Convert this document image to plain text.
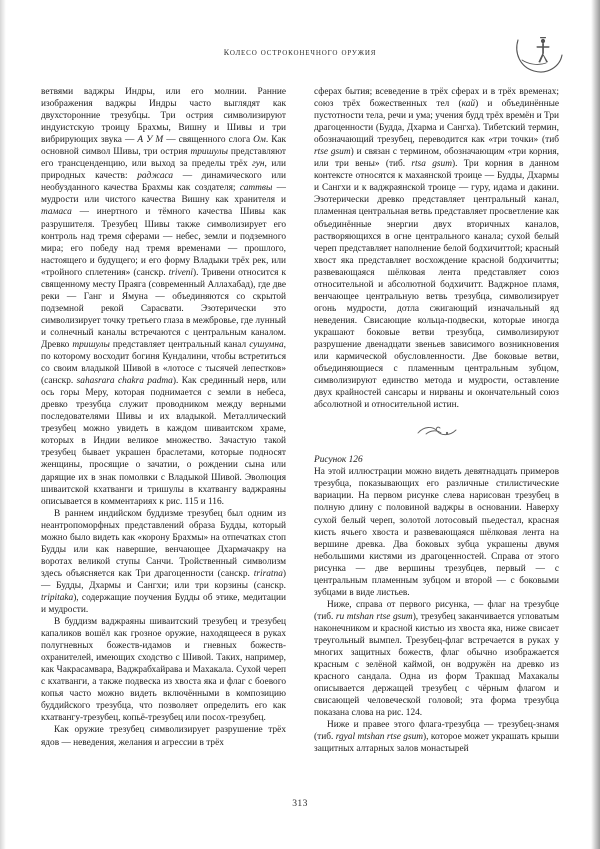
колесо остроконечного оружия

ветвями ваджры Индры, или его молнии. Ранние изображения ваджры Индры часто выглядят как двухсторонние трезубцы. Три острия символизируют индуистскую троицу Брахмы, Вишну и Шивы и три вибрирующих звука — А У М — священного слога Ом. Как основной символ Шивы, три острия тришулы представляют его трансценденцию, или выход за пределы трёх гун, или природных качеств: раджаса — динамического или необузданного качества Брахмы как создателя; саттвы — мудрости или чистого качества Вишну как хранителя и тамаса — инертного и тёмного качества Шивы как разрушителя. Трезубец Шивы также символизирует его контроль над тремя сферами — небес, земли и подземного мира; его победу над тремя временами — прошлого, настоящего и будущего; и его форму Владыки трёх рек, или «тройного сплетения» (санскр. triveni). Тривени относится к священному месту Праяга (современный Аллахабад), где две реки — Ганг и Ямуна — объединяются со скрытой подземной рекой Сарасвати. Эзотерически это символизирует точку третьего глаза в межбровье, где лунный и солнечный каналы встречаются с центральным каналом. Древко тришулы представляет центральный канал сушумна, по которому восходит богиня Кундалини, чтобы встретиться со своим владыкой Шивой в «лотосе с тысячей лепестков» (санскр. sahasrara chakra padma). Как срединный нерв, или ось горы Меру, которая поднимается с земли в небеса, древко трезубца служит проводником между верными последователями Шивы и их владыкой. Металлический трезубец можно увидеть в каждом шиваитском храме, которых в Индии великое множество. Зачастую такой трезубец бывает украшен браслетами, которые подносят женщины, просящие о зачатии, о рождении сына или дарящие их в знак помолвки с Владыкой Шивой. Эволюция шиваитской кхатванги и тришулы в кхатвангу ваджраяны описывается в комментариях к рис. 115 и 116.

В раннем индийском буддизме трезубец был одним из неантропоморфных представлений образа Будды, который можно было видеть как «корону Брахмы» на отпечатках стоп Будды или как навершие, венчающее Дхармачакру на воротах великой ступы Санчи. Тройственный символизм здесь объясняется как Три драгоценности (санскр. triratna) — Будды, Дхармы и Сангхи; или три корзины (санскр. tripitaka), содержащие поучения Будды об этике, медитации и мудрости.

В буддизм ваджраяны шиваитский трезубец и трезубец капаликов вошёл как грозное оружие, находящееся в руках полугневных божеств-идамов и гневных божеств-охранителей, имеющих сходство с Шивой. Таких, например, как Чакрасамвара, Ваджрабхайрава и Махакала. Сухой череп с кхатванги, а также подвеска из хвоста яка и флаг с боевого копья часто можно видеть включёнными в композицию буддийского трезубца, что позволяет определить его как кхатвангу-трезубец, копьё-трезубец или посох-трезубец.

Как оружие трезубец символизирует разрушение трёх ядов — неведения, желания и агрессии в трёх

сферах бытия; всеведение в трёх сферах и в трёх временах; союз трёх божественных тел (кай) и объединённые пустотности тела, речи и ума; учения будд трёх времён и Три драгоценности (Будда, Дхарма и Сангха). Тибетский термин, обозначающий трезубец, переводится как «три точки» (тиб rtse gsum) и связан с термином, обозначающим «три корния, или три вены» (тиб. rtsa gsum). Три корния в данном контексте относятся к махаянской троице — Будды, Дхармы и Сангхи и к ваджраянской троице — гуру, идама и дакини. Эзотерически древко представляет центральный канал, пламенная центральная ветвь представляет просветление как объединённые энергии двух вторичных каналов, растворяющихся в огне центрального канала; сухой белый череп представляет наполнение белой бодхичиттой; красный хвост яка представляет восхождение красной бодхичитты; развевающаяся шёлковая лента представляет союз относительной и абсолютной бодхичитт. Ваджрное пламя, венчающее центральную ветвь трезубца, символизирует огонь мудрости, дотла сжигающий изначальный яд неведения. Свисающие кольца-подвески, которые иногда украшают боковые ветви трезубца, символизируют разрушение двенадцати звеньев зависимого возникновения или кармической обусловленности. Две боковые ветви, объединяющиеся с пламенным центральным зубцом, символизируют единство метода и мудрости, оставление двух крайностей сансары и нирваны и окончательный союз абсолютной и относительной истин.

Рисунок 126

На этой иллюстрации можно видеть девятнадцать примеров трезубца, показывающих его различные стилистические вариации. На первом рисунке слева нарисован трезубец в полную длину с половиной ваджры в основании. Наверху сухой белый череп, золотой лотосовый пьедестал, красная кисть ячьего хвоста и развевающаяся шёлковая лента на вершине древка. Два боковых зубца украшены двумя небольшими кистями из драгоценностей. Справа от этого рисунка — две вершины трезубцев, первый — с центральным пламенным зубцом и второй — с боковыми зубцами в виде листьев.

Ниже, справа от первого рисунка, — флаг на трезубце (тиб. ru mtshan rtse gsum), трезубец заканчивается угловатым наконечником и красной кистью из хвоста яка, ниже свисает треугольный вымпел. Трезубец-флаг встречается в руках у многих защитных божеств, флаг обычно изображается красным с зелёной каймой, он водружён на древко из красного сандала. Одна из форм Тракшад Махакалы описывается держащей трезубец с чёрным флагом и свисающей человеческой головой; эта форма трезубца показана слова на рис. 124.

Ниже и правее этого флага-трезубца — трезубец-знамя (тиб. rgyal mtshan rtse gsum), которое может украшать крыши защитных алтарных залов монастырей

313
